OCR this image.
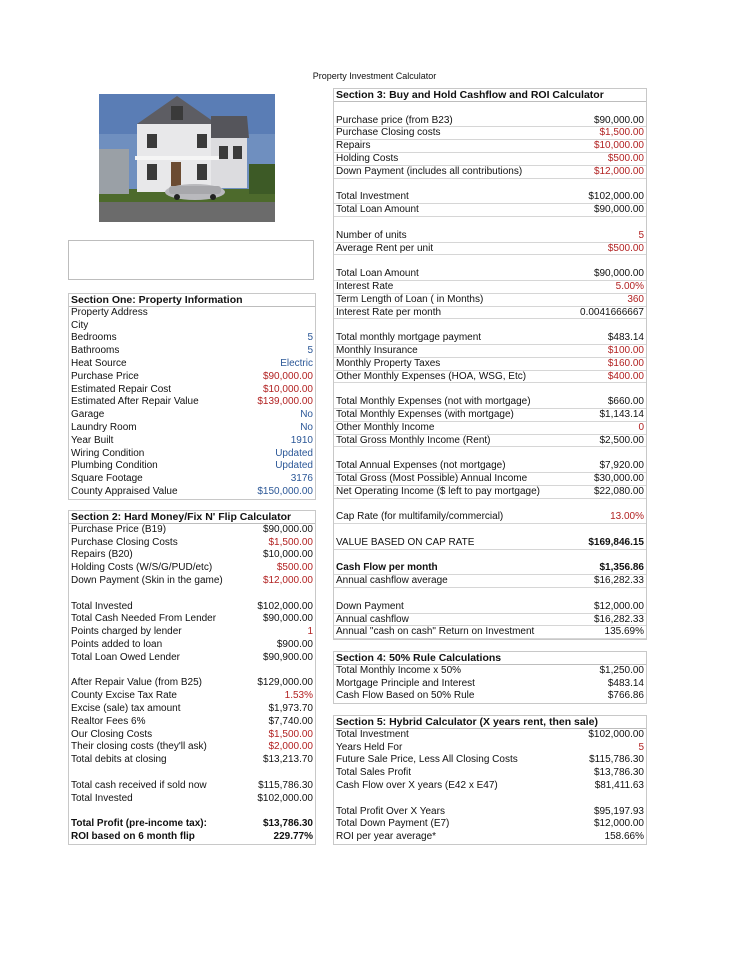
Property Investment Calculator
Section One: Property Information
Property Address
City
Bedrooms	5
Bathrooms	5
Heat Source	Electric
Purchase Price	$90,000.00
Estimated Repair Cost	$10,000.00
Estimated After Repair Value	$139,000.00
Garage	No
Laundry Room	No
Year Built	1910
Wiring Condition	Updated
Plumbing Condition	Updated
Square Footage	3176
County Appraised Value	$150,000.00
Section 2: Hard Money/Fix N' Flip Calculator
Purchase Price (B19)	$90,000.00
Purchase Closing Costs	$1,500.00
Repairs (B20)	$10,000.00
Holding Costs (W/S/G/PUD/etc)	$500.00
Down Payment (Skin in the game)	$12,000.00
Total Invested	$102,000.00
Total Cash Needed From Lender	$90,000.00
Points charged by lender	1
Points added to loan	$900.00
Total Loan Owed Lender	$90,900.00
After Repair Value (from B25)	$129,000.00
County Excise Tax Rate	1.53%
Excise (sale) tax amount	$1,973.70
Realtor Fees 6%	$7,740.00
Our Closing Costs	$1,500.00
Their closing costs (they'll ask)	$2,000.00
Total debits at closing	$13,213.70
Total cash received if sold now	$115,786.30
Total Invested	$102,000.00
Total Profit (pre-income tax):	$13,786.30
ROI based on 6 month flip	229.77%
Section 3: Buy and Hold Cashflow and ROI Calculator
Purchase price (from B23)	$90,000.00
Purchase Closing costs	$1,500.00
Repairs	$10,000.00
Holding Costs	$500.00
Down Payment (includes all contributions)	$12,000.00
Total Investment	$102,000.00
Total Loan Amount	$90,000.00
Number of units	5
Average Rent per unit	$500.00
Total Loan Amount	$90,000.00
Interest Rate	5.00%
Term Length of Loan ( in Months)	360
Interest Rate per month	0.0041666667
Total monthly mortgage payment	$483.14
Monthly Insurance	$100.00
Monthly Property Taxes	$160.00
Other Monthly Expenses (HOA, WSG, Etc)	$400.00
Total Monthly Expenses (not with mortgage)	$660.00
Total Monthly Expenses (with mortgage)	$1,143.14
Other Monthly Income	0
Total Gross Monthly Income (Rent)	$2,500.00
Total Annual Expenses (not mortgage)	$7,920.00
Total Gross (Most Possible) Annual Income	$30,000.00
Net Operating Income ($ left to pay mortgage)	$22,080.00
Cap Rate (for multifamily/commercial)	13.00%
VALUE BASED ON CAP RATE	$169,846.15
Cash Flow per month	$1,356.86
Annual cashflow average	$16,282.33
Down Payment	$12,000.00
Annual cashflow	$16,282.33
Annual "cash on cash" Return on Investment	135.69%
Section 4: 50% Rule Calculations
Total Monthly Income x 50%	$1,250.00
Mortgage Principle and Interest	$483.14
Cash Flow Based on 50% Rule	$766.86
Section 5: Hybrid Calculator (X years rent, then sale)
Total Investment	$102,000.00
Years Held For	5
Future Sale Price, Less All Closing Costs	$115,786.30
Total Sales Profit	$13,786.30
Cash Flow over X years (E42 x E47)	$81,411.63
Total Profit Over X Years	$95,197.93
Total Down Payment (E7)	$12,000.00
ROI per year average*	158.66%
